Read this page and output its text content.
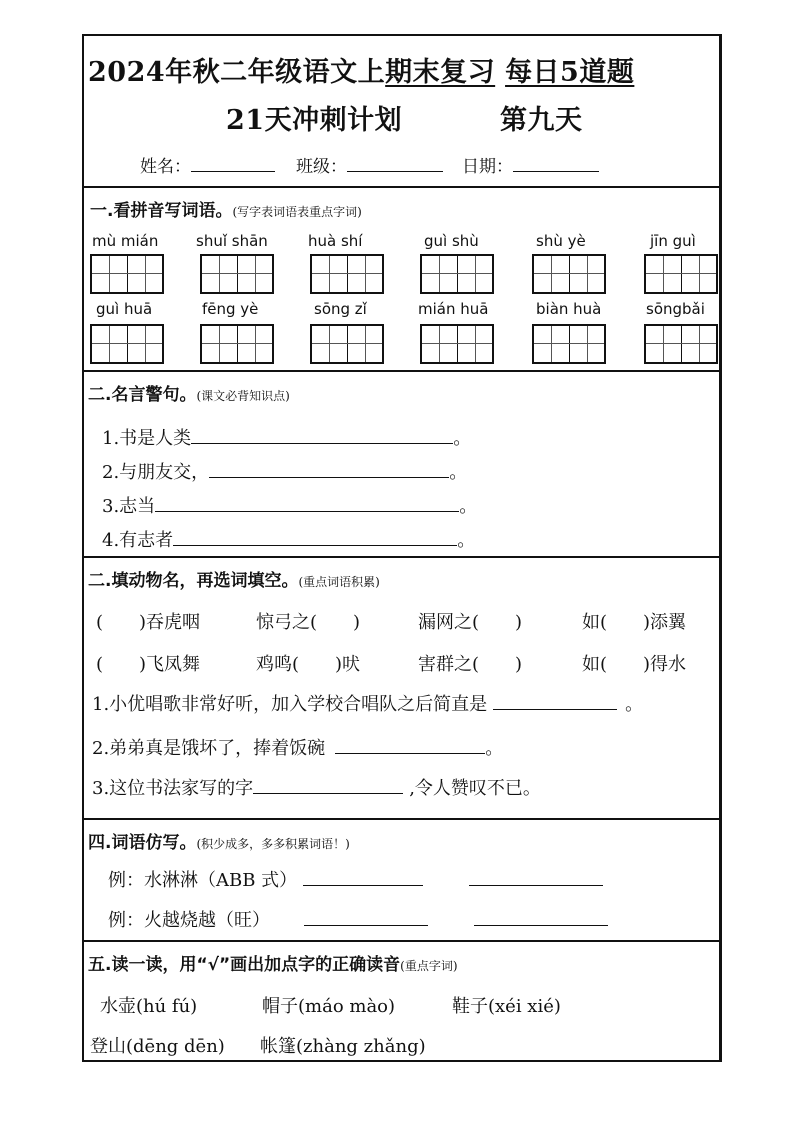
2024年秋二年级语文上期末复习 每日5道题
21天冲刺计划	第九天
姓名：	班级：	日期：
一.看拼音写词语。(写字表词语表重点字词)
mù mián	shuǐ shān	huà shí	guì shù	shù yè	jīn guì
guì huā	fēng yè	sōng zǐ	mián huā	biàn huà	sōngbǎi
二.名言警句。(课文必背知识点)
1.书是人类	。
2.与朋友交，	。
3.志当	。
4.有志者	。
二.填动物名，再选词填空。(重点词语积累)
(　　)吞虎咽	惊弓之(　　)	漏网之(　　)	如(　　)添翼
(　　)飞凤舞	鸡鸣(　　)吠	害群之(　　)	如(　　)得水
1.小优唱歌非常好听，加入学校合唱队之后简直是	。
2.弟弟真是饿坏了，捧着饭碗	。
3.这位书法家写的字	,令人赞叹不已。
四.词语仿写。(积少成多，多多积累词语！)
例：水淋淋（ABB 式）
例：火越烧越（旺）
五.读一读，用“√”画出加点字的正确读音(重点字词)
水壶(hú fú)	帽子(máo mào)	鞋子(xéi xié)
登山(dēng dēn) 帐篷(zhàng zhǎng)
